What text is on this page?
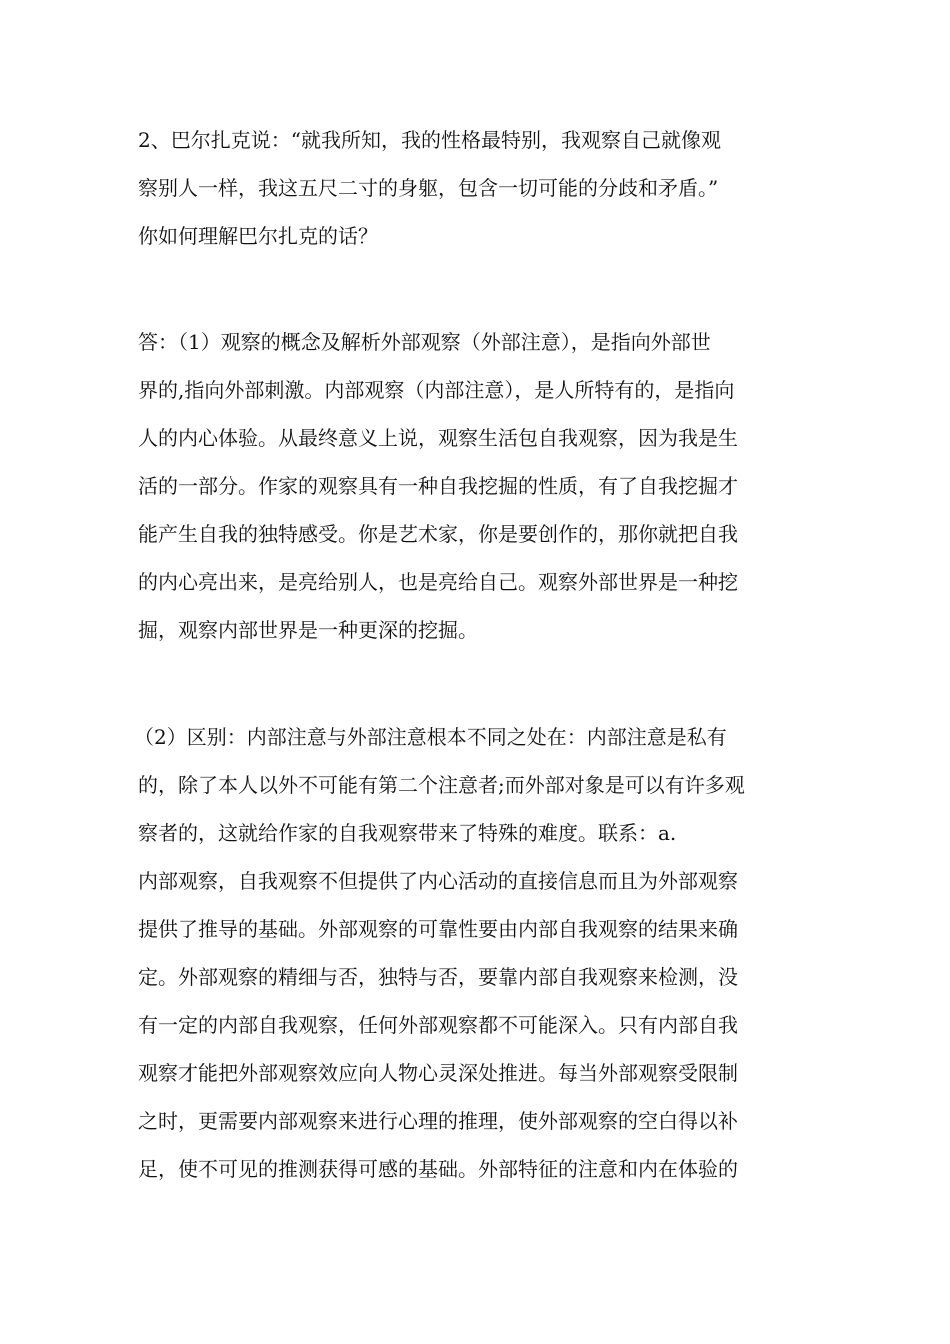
2、巴尔扎克说：“就我所知，我的性格最特别，我观察自己就像观
察别人一样，我这五尺二寸的身躯，包含一切可能的分歧和矛盾。”
你如何理解巴尔扎克的话？
答：（1）观察的概念及解析外部观察（外部注意），是指向外部世
界的,指向外部刺激。内部观察（内部注意），是人所特有的，是指向
人的内心体验。从最终意义上说，观察生活包自我观察，因为我是生
活的一部分。作家的观察具有一种自我挖掘的性质，有了自我挖掘才
能产生自我的独特感受。你是艺术家，你是要创作的，那你就把自我
的内心亮出来，是亮给别人，也是亮给自己。观察外部世界是一种挖
掘，观察内部世界是一种更深的挖掘。
（2）区别：内部注意与外部注意根本不同之处在：内部注意是私有
的，除了本人以外不可能有第二个注意者;而外部对象是可以有许多观
察者的，这就给作家的自我观察带来了特殊的难度。联系：a.
内部观察，自我观察不但提供了内心活动的直接信息而且为外部观察
提供了推导的基础。外部观察的可靠性要由内部自我观察的结果来确
定。外部观察的精细与否，独特与否，要靠内部自我观察来检测，没
有一定的内部自我观察，任何外部观察都不可能深入。只有内部自我
观察才能把外部观察效应向人物心灵深处推进。每当外部观察受限制
之时，更需要内部观察来进行心理的推理，使外部观察的空白得以补
足，使不可见的推测获得可感的基础。外部特征的注意和内在体验的
